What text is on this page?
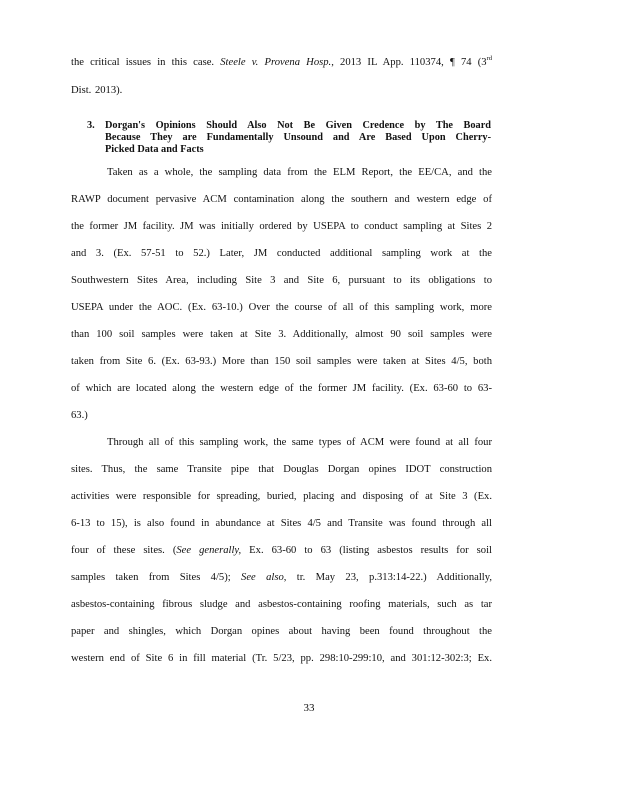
the critical issues in this case. Steele v. Provena Hosp., 2013 IL App. 110374, ¶ 74 (3rd
Dist. 2013).
3. Dorgan's Opinions Should Also Not Be Given Credence by The Board
Because They are Fundamentally Unsound and Are Based Upon Cherry-
Picked Data and Facts
Taken as a whole, the sampling data from the ELM Report, the EE/CA, and the
RAWP document pervasive ACM contamination along the southern and western edge of
the former JM facility. JM was initially ordered by USEPA to conduct sampling at Sites 2
and 3. (Ex. 57-51 to 52.) Later, JM conducted additional sampling work at the
Southwestern Sites Area, including Site 3 and Site 6, pursuant to its obligations to
USEPA under the AOC. (Ex. 63-10.) Over the course of all of this sampling work, more
than 100 soil samples were taken at Site 3. Additionally, almost 90 soil samples were
taken from Site 6. (Ex. 63-93.) More than 150 soil samples were taken at Sites 4/5, both
of which are located along the western edge of the former JM facility. (Ex. 63-60 to 63-
63.)
Through all of this sampling work, the same types of ACM were found at all four
sites. Thus, the same Transite pipe that Douglas Dorgan opines IDOT construction
activities were responsible for spreading, buried, placing and disposing of at Site 3 (Ex.
6-13 to 15), is also found in abundance at Sites 4/5 and Transite was found through all
four of these sites. (See generally, Ex. 63-60 to 63 (listing asbestos results for soil
samples taken from Sites 4/5); See also, tr. May 23, p.313:14-22.) Additionally,
asbestos-containing fibrous sludge and asbestos-containing roofing materials, such as tar
paper and shingles, which Dorgan opines about having been found throughout the
western end of Site 6 in fill material (Tr. 5/23, pp. 298:10-299:10, and 301:12-302:3; Ex.
33
